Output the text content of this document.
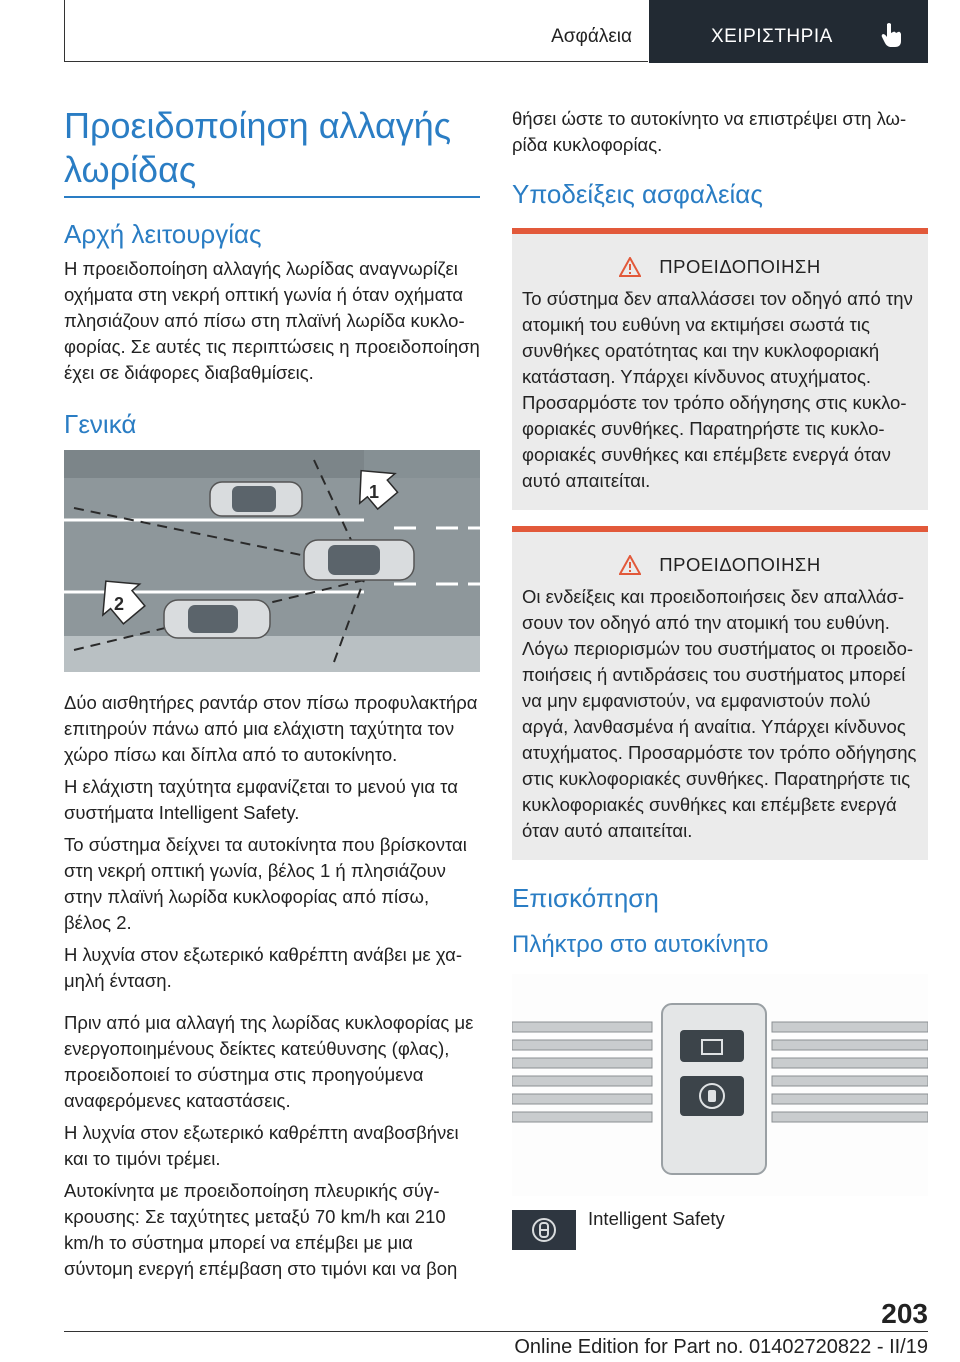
Ασφάλεια	ΧΕΙΡΙΣΤΗΡΙΑ
Προειδοποίηση αλλαγής
λωρίδας
Αρχή λειτουργίας

Η προειδοποίηση αλλαγής λωρίδας αναγνωρίζει οχήματα στη νεκρή οπτική γωνία ή όταν οχήματα πλησιάζουν από πίσω στη πλαϊνή λωρίδα κυκλοφορίας. Σε αυτές τις περιπτώσεις η προειδοποίηση έχει σε διάφορες διαβαθμίσεις.

Γενικά
1
2

Δύο αισθητήρες ραντάρ στον πίσω προφυλακτήρα επιτηρούν πάνω από μια ελάχιστη ταχύτητα τον χώρο πίσω και δίπλα από το αυτοκίνητο.

Η ελάχιστη ταχύτητα εμφανίζεται το μενού για τα συστήματα Intelligent Safety.

Το σύστημα δείχνει τα αυτοκίνητα που βρίσκονται στη νεκρή οπτική γωνία, βέλος 1 ή πλησιάζουν στην πλαϊνή λωρίδα κυκλοφορίας από πίσω, βέλος 2.

Η λυχνία στον εξωτερικό καθρέπτη ανάβει με χαμηλή ένταση.

Πριν από μια αλλαγή της λωρίδας κυκλοφορίας με ενεργοποιημένους δείκτες κατεύθυνσης (φλας), προειδοποιεί το σύστημα στις προηγούμενα αναφερόμενες καταστάσεις.

Η λυχνία στον εξωτερικό καθρέπτη αναβοσβήνει και το τιμόνι τρέμει.

Αυτοκίνητα με προειδοποίηση πλευρικής σύγκρουσης: Σε ταχύτητες μεταξύ 70 km/h και 210 km/h το σύστημα μπορεί να επέμβει με μια σύντομη ενεργή επέμβαση στο τιμόνι και να βοη

θήσει ώστε το αυτοκίνητο να επιστρέψει στη λωρίδα κυκλοφορίας.

Υποδείξεις ασφαλείας
ΠΡΟΕΙΔΟΠΟΙΗΣΗ

Το σύστημα δεν απαλλάσσει τον οδηγό από την ατομική του ευθύνη να εκτιμήσει σωστά τις συνθήκες ορατότητας και την κυκλοφοριακή κατάσταση. Υπάρχει κίνδυνος ατυχήματος. Προσαρμόστε τον τρόπο οδήγησης στις κυκλοφοριακές συνθήκες. Παρατηρήστε τις κυκλοφοριακές συνθήκες και επέμβετε ενεργά όταν αυτό απαιτείται.

ΠΡΟΕΙΔΟΠΟΙΗΣΗ

Οι ενδείξεις και προειδοποιήσεις δεν απαλλάσσουν τον οδηγό από την ατομική του ευθύνη. Λόγω περιορισμών του συστήματος οι προειδοποιήσεις ή αντιδράσεις του συστήματος μπορεί να μην εμφανιστούν, να εμφανιστούν πολύ αργά, λανθασμένα ή αναίτια. Υπάρχει κίνδυνος ατυχήματος. Προσαρμόστε τον τρόπο οδήγησης στις κυκλοφοριακές συνθήκες. Παρατηρήστε τις κυκλοφοριακές συνθήκες και επέμβετε ενεργά όταν αυτό απαιτείται.

Επισκόπηση
Πλήκτρο στο αυτοκίνητο
Intelligent Safety
203
Online Edition for Part no. 01402720822 - II/19
